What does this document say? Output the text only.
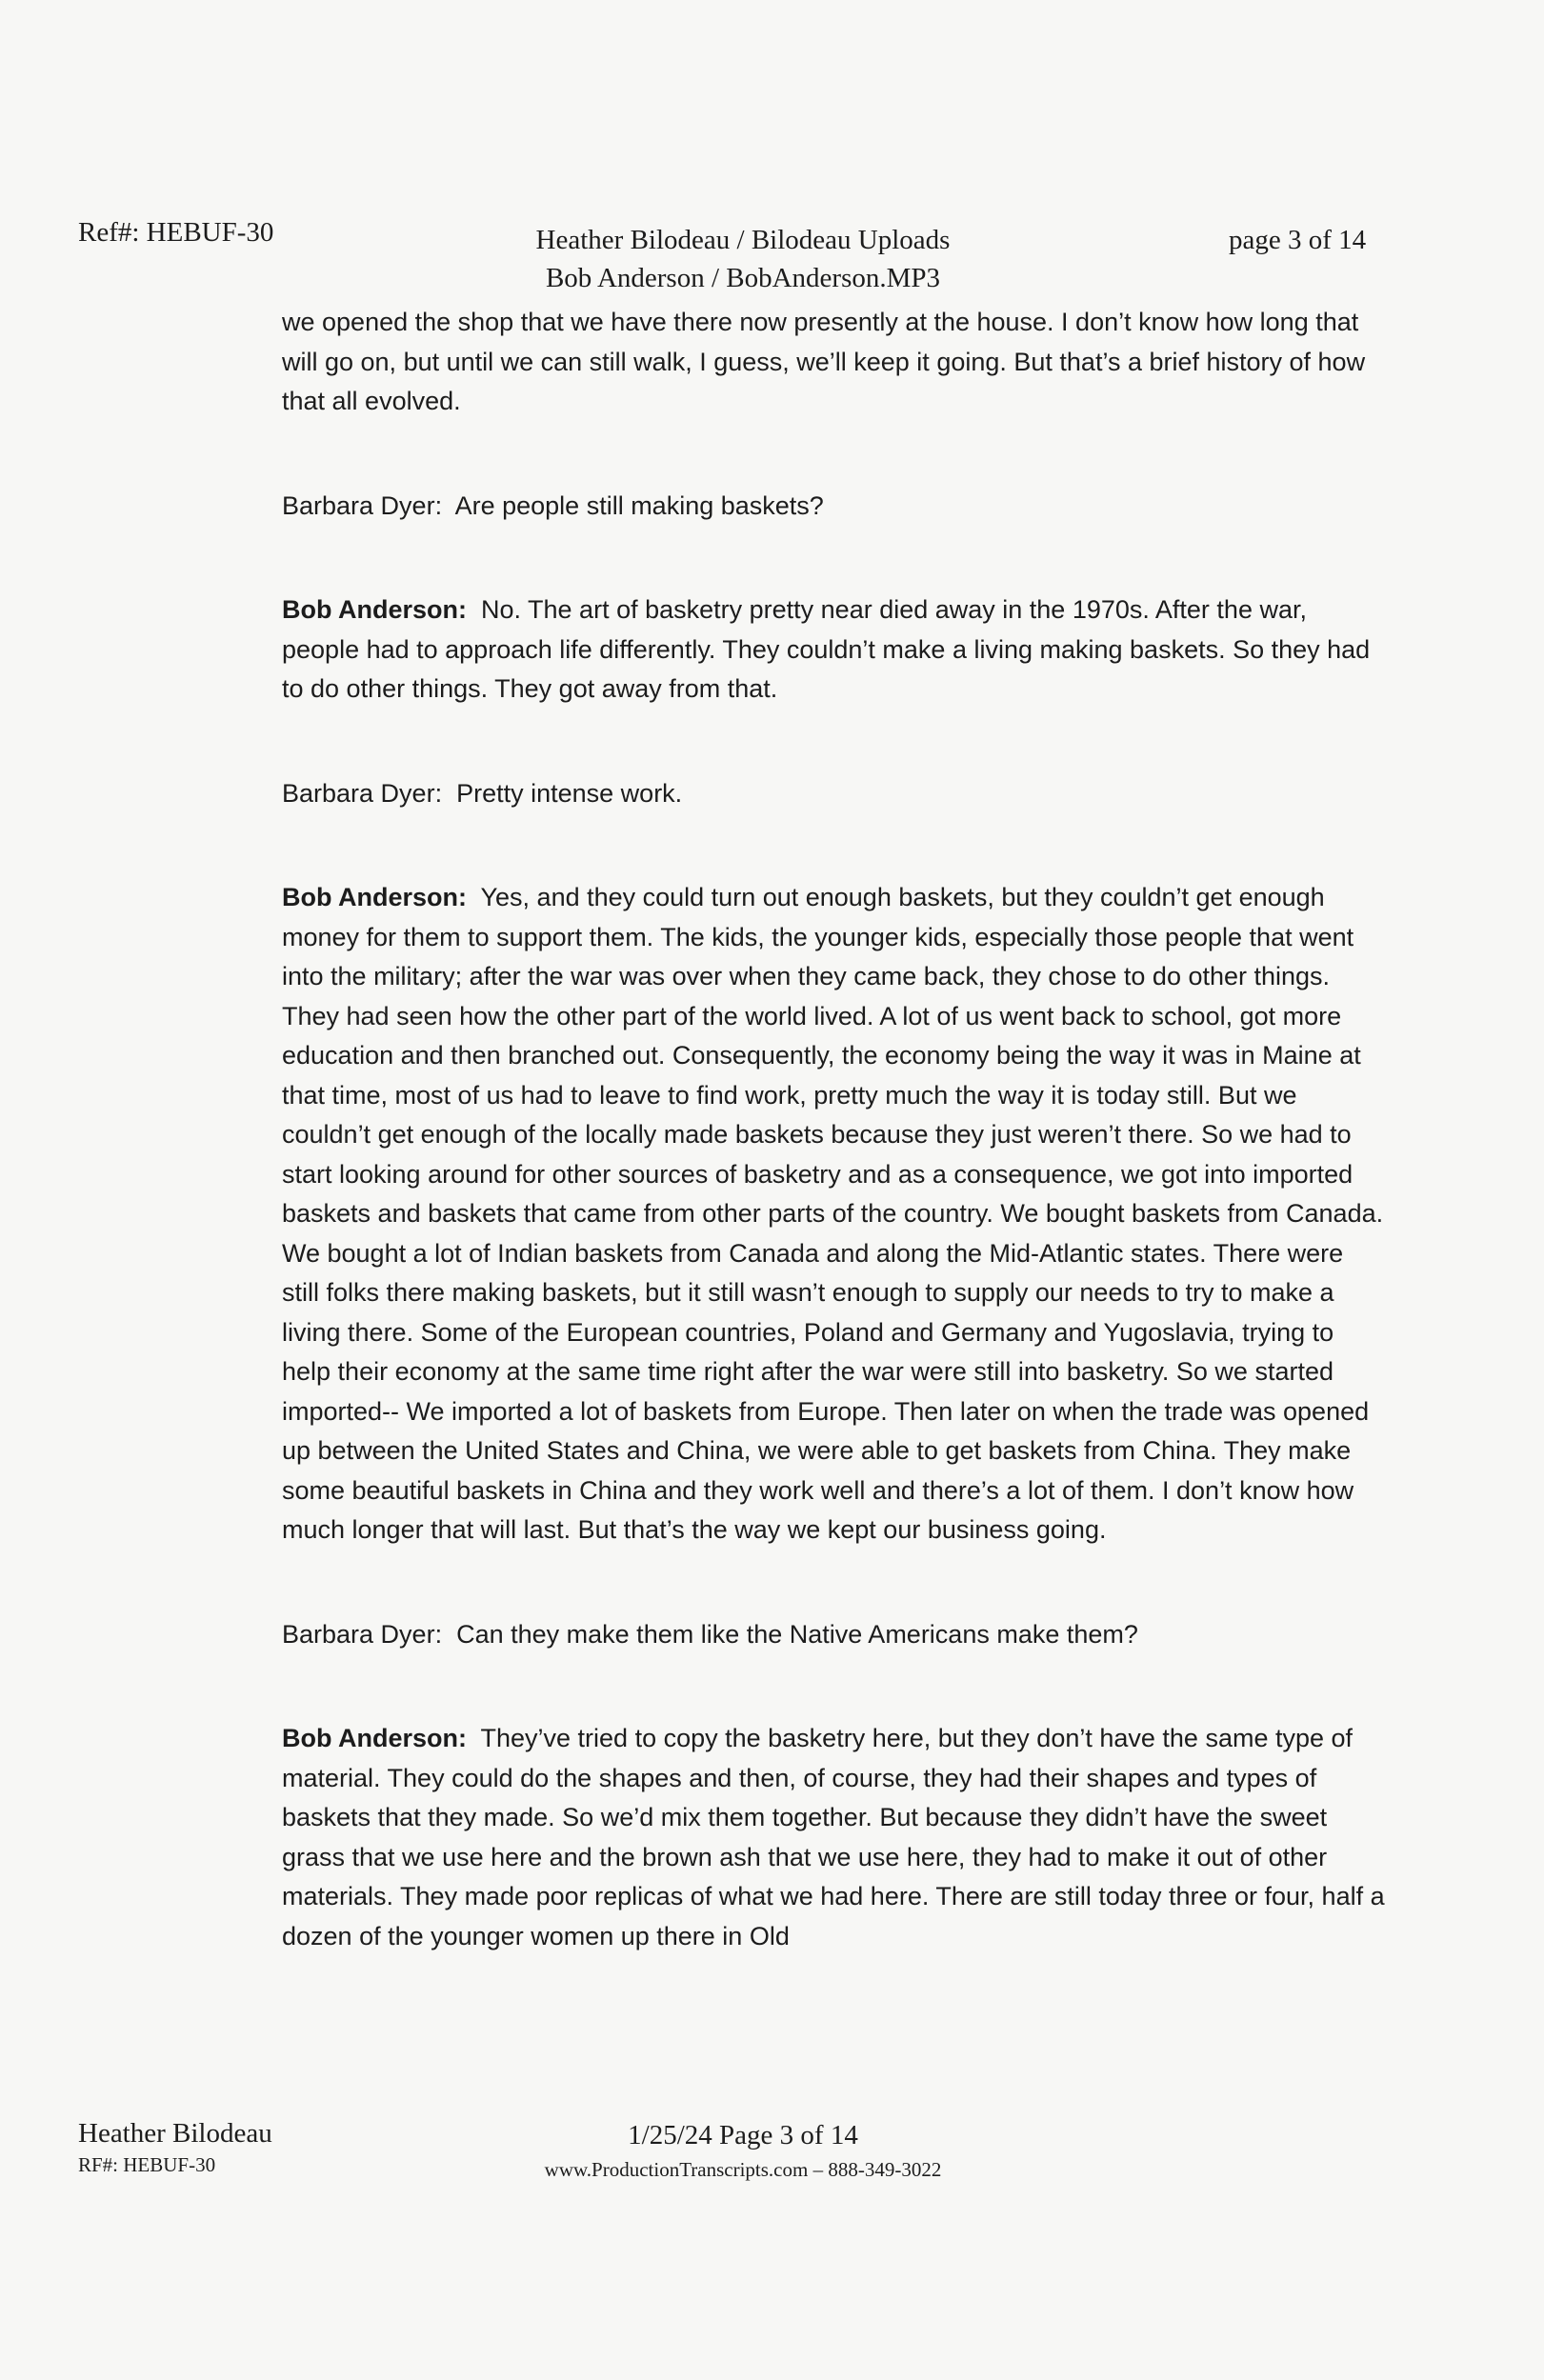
Ref#: HEBUF-30	Heather Bilodeau / Bilodeau Uploads
Bob Anderson / BobAnderson.MP3
page 3 of 14

we opened the shop that we have there now presently at the house. I don’t know how long that will go on, but until we can still walk, I guess, we’ll keep it going. But that’s a brief history of how that all evolved.

Barbara Dyer: Are people still making baskets?

Bob Anderson: No. The art of basketry pretty near died away in the 1970s. After the war, people had to approach life differently. They couldn’t make a living making baskets. So they had to do other things. They got away from that.

Barbara Dyer: Pretty intense work.

Bob Anderson: Yes, and they could turn out enough baskets, but they couldn’t get enough money for them to support them. The kids, the younger kids, especially those people that went into the military; after the war was over when they came back, they chose to do other things. They had seen how the other part of the world lived. A lot of us went back to school, got more education and then branched out. Consequently, the economy being the way it was in Maine at that time, most of us had to leave to find work, pretty much the way it is today still. But we couldn’t get enough of the locally made baskets because they just weren’t there. So we had to start looking around for other sources of basketry and as a consequence, we got into imported baskets and baskets that came from other parts of the country. We bought baskets from Canada. We bought a lot of Indian baskets from Canada and along the Mid-Atlantic states. There were still folks there making baskets, but it still wasn’t enough to supply our needs to try to make a living there. Some of the European countries, Poland and Germany and Yugoslavia, trying to help their economy at the same time right after the war were still into basketry. So we started imported-- We imported a lot of baskets from Europe. Then later on when the trade was opened up between the United States and China, we were able to get baskets from China. They make some beautiful baskets in China and they work well and there’s a lot of them. I don’t know how much longer that will last. But that’s the way we kept our business going.

Barbara Dyer: Can they make them like the Native Americans make them?

Bob Anderson: They’ve tried to copy the basketry here, but they don’t have the same type of material. They could do the shapes and then, of course, they had their shapes and types of baskets that they made. So we’d mix them together. But because they didn’t have the sweet grass that we use here and the brown ash that we use here, they had to make it out of other materials. They made poor replicas of what we had here. There are still today three or four, half a dozen of the younger women up there in Old

Heather Bilodeau
RF#: HEBUF-30
1/25/24 Page 3 of 14
www.ProductionTranscripts.com – 888-349-3022
